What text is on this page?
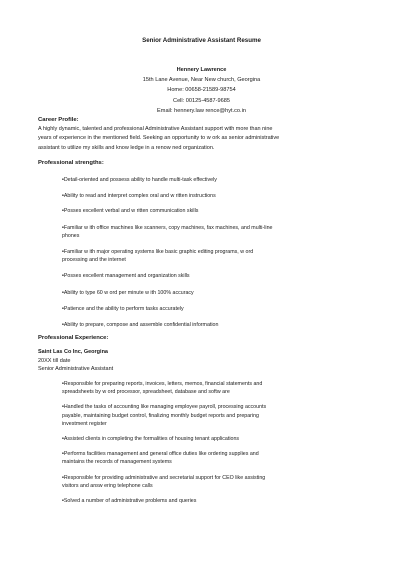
Senior Administrative Assistant Resume
Hennery Lawrence
15th Lane Avenue, Near New church, Georgina
Home: 00658-21589-98754
Cell: 00125-4587-9685
Email: hennery.law rence@hyt.co.in
Career Profile:
A highly dynamic, talented and professional Administrative Assistant support with more than nine
years of experience in the mentioned field. Seeking an opportunity to w ork as senior administrative
assistant to utilize my skills and know ledge in a renow ned organization.
Professional strengths:
•Detail-oriented and possess ability to handle multi-task effectively
•Ability to read and interpret complex oral and w ritten instructions
•Posses excellent verbal and w ritten communication skills
•Familiar w ith office machines like scanners, copy machines, fax machines, and multi-line
phones
•Familiar w ith major operating systems like basic graphic editing programs, w ord
processing and the internet
•Posses excellent management and organization skills
•Ability to type 60 w ord per minute w ith 100% accuracy
•Patience and the ability to perform tasks accurately
•Ability to prepare, compose and assemble confidential information
Professional Experience:
Saint Las Co Inc, Georgina
20XX till date
Senior Administrative Assistant
•Responsible for preparing reports, invoices, letters, memos, financial statements and
spreadsheets by w ord processor, spreadsheet, database and softw are
•Handled the tasks of accounting like managing employee payroll, processing accounts
payable, maintaining budget control, finalizing monthly budget reports and preparing
investment register
•Assisted clients in completing the formalities of housing tenant applications
•Performs facilities management and general office duties like ordering supplies and
maintains the records of management systems
•Responsible for providing administrative and secretarial support for CEO like assisting
visitors and answ ering telephone calls
•Solved a number of administrative problems and queries
